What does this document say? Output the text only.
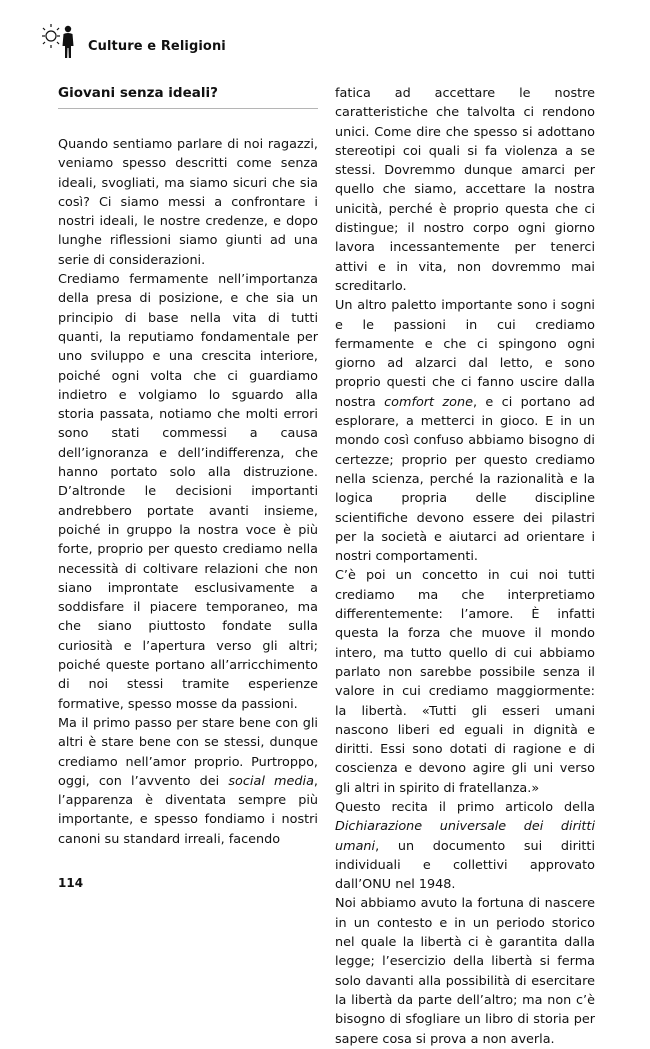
Culture e Religioni
Giovani senza ideali?

Quando sentiamo parlare di noi ragazzi, veniamo spesso descritti come senza ideali, svogliati, ma siamo sicuri che sia così? Ci siamo messi a confrontare i nostri ideali, le nostre credenze, e dopo lunghe riflessioni siamo giunti ad una serie di considerazioni.

Crediamo fermamente nell’importanza della presa di posizione, e che sia un principio di base nella vita di tutti quanti, la reputiamo fondamentale per uno sviluppo e una crescita interiore, poiché ogni volta che ci guardiamo indietro e volgiamo lo sguardo alla storia passata, notiamo che molti errori sono stati commessi a causa dell’ignoranza e dell’indifferenza, che hanno portato solo alla distruzione. D’altronde le decisioni importanti andrebbero portate avanti insieme, poiché in gruppo la nostra voce è più forte, proprio per questo crediamo nella necessità di coltivare relazioni che non siano improntate esclusivamente a soddisfare il piacere temporaneo, ma che siano piuttosto fondate sulla curiosità e l’apertura verso gli altri; poiché queste portano all’arricchimento di noi stessi tramite esperienze formative, spesso mosse da passioni.

Ma il primo passo per stare bene con gli altri è stare bene con se stessi, dunque crediamo nell’amor proprio. Purtroppo, oggi, con l’avvento dei social media, l’apparenza è diventata sempre più importante, e spesso fondiamo i nostri canoni su standard irreali, facendo

fatica ad accettare le nostre caratteristiche che talvolta ci rendono unici. Come dire che spesso si adottano stereotipi coi quali si fa violenza a se stessi. Dovremmo dunque amarci per quello che siamo, accettare la nostra unicità, perché è proprio questa che ci distingue; il nostro corpo ogni giorno lavora incessantemente per tenerci attivi e in vita, non dovremmo mai screditarlo.

Un altro paletto importante sono i sogni e le passioni in cui crediamo fermamente e che ci spingono ogni giorno ad alzarci dal letto, e sono proprio questi che ci fanno uscire dalla nostra comfort zone, e ci portano ad esplorare, a metterci in gioco. E in un mondo così confuso abbiamo bisogno di certezze; proprio per questo crediamo nella scienza, perché la razionalità e la logica propria delle discipline scientifiche devono essere dei pilastri per la società e aiutarci ad orientare i nostri comportamenti.

C’è poi un concetto in cui noi tutti crediamo ma che interpretiamo differentemente: l’amore. È infatti questa la forza che muove il mondo intero, ma tutto quello di cui abbiamo parlato non sarebbe possibile senza il valore in cui crediamo maggiormente: la libertà. «Tutti gli esseri umani nascono liberi ed eguali in dignità e diritti. Essi sono dotati di ragione e di coscienza e devono agire gli uni verso gli altri in spirito di fratellanza.»

Questo recita il primo articolo della Dichiarazione universale dei diritti umani, un documento sui diritti individuali e collettivi approvato dall’ONU nel 1948.

Noi abbiamo avuto la fortuna di nascere in un contesto e in un periodo storico nel quale la libertà ci è garantita dalla legge; l’esercizio della libertà si ferma solo davanti alla possibilità di esercitare la libertà da parte dell’altro; ma non c’è bisogno di sfogliare un libro di storia per sapere cosa si prova a non averla.

114
